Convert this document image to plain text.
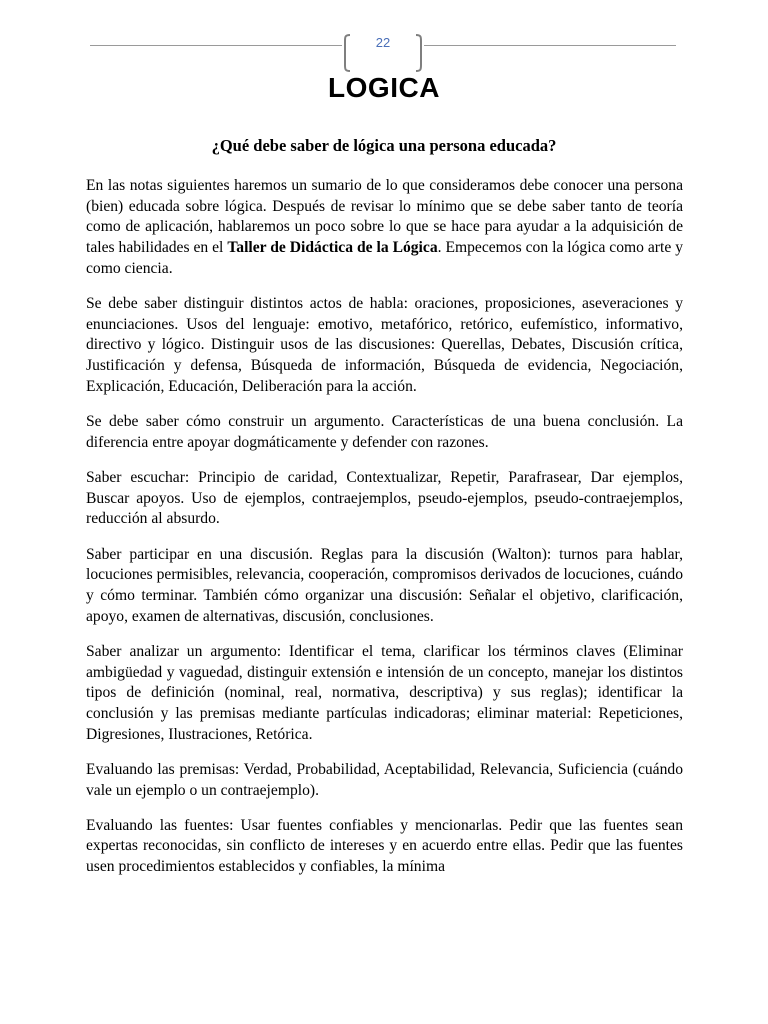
22
LOGICA
¿Qué debe saber de lógica una persona educada?

En las notas siguientes haremos un sumario de lo que consideramos debe conocer una persona (bien) educada sobre lógica. Después de revisar lo mínimo que se debe saber tanto de teoría como de aplicación, hablaremos un poco sobre lo que se hace para ayudar a la adquisición de tales habilidades en el Taller de Didáctica de la Lógica. Empecemos con la lógica como arte y como ciencia.

Se debe saber distinguir distintos actos de habla: oraciones, proposiciones, aseveraciones y enunciaciones. Usos del lenguaje: emotivo, metafórico, retórico, eufemístico, informativo, directivo y lógico. Distinguir usos de las discusiones: Querellas, Debates, Discusión crítica, Justificación y defensa, Búsqueda de información, Búsqueda de evidencia, Negociación, Explicación, Educación, Deliberación para la acción.

Se debe saber cómo construir un argumento. Características de una buena conclusión. La diferencia entre apoyar dogmáticamente y defender con razones.

Saber escuchar: Principio de caridad, Contextualizar, Repetir, Parafrasear, Dar ejemplos, Buscar apoyos. Uso de ejemplos, contraejemplos, pseudo-ejemplos, pseudo-contraejemplos, reducción al absurdo.

Saber participar en una discusión. Reglas para la discusión (Walton): turnos para hablar, locuciones permisibles, relevancia, cooperación, compromisos derivados de locuciones, cuándo y cómo terminar. También cómo organizar una discusión: Señalar el objetivo, clarificación, apoyo, examen de alternativas, discusión, conclusiones.

Saber analizar un argumento: Identificar el tema, clarificar los términos claves (Eliminar ambigüedad y vaguedad, distinguir extensión e intensión de un concepto, manejar los distintos tipos de definición (nominal, real, normativa, descriptiva) y sus reglas); identificar la conclusión y las premisas mediante partículas indicadoras; eliminar material: Repeticiones, Digresiones, Ilustraciones, Retórica.

Evaluando las premisas: Verdad, Probabilidad, Aceptabilidad, Relevancia, Suficiencia (cuándo vale un ejemplo o un contraejemplo).

Evaluando las fuentes: Usar fuentes confiables y mencionarlas. Pedir que las fuentes sean expertas reconocidas, sin conflicto de intereses y en acuerdo entre ellas. Pedir que las fuentes usen procedimientos establecidos y confiables, la mínima
